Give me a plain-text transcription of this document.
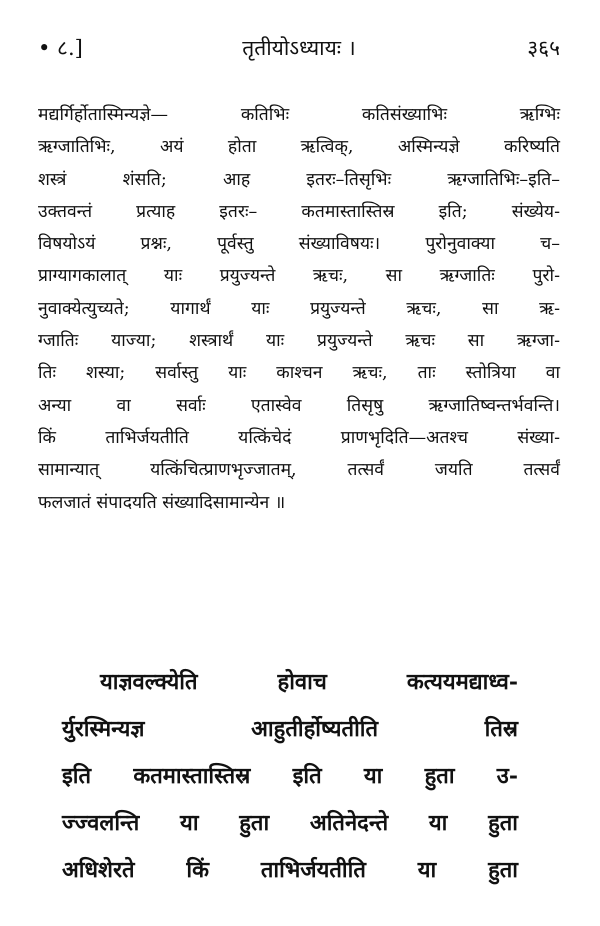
तृतीयोऽध्यायः ।
• ८.]	३६५
मद्यर्गिर्होतास्मिन्यज्ञे— कतिभिः कतिसंख्याभिः ऋग्भिः
ऋग्जातिभिः, अयं होता ऋत्विक्, अस्मिन्यज्ञे करिष्यति
शस्त्रं शंसति; आह इतरः–तिसृभिः ऋग्जातिभिः–इति–
उक्तवन्तं प्रत्याह इतरः– कतमास्तास्तिस्र इति; संख्येय-
विषयोऽयं प्रश्नः, पूर्वस्तु संख्याविषयः। पुरोनुवाक्या च–
प्राग्यागकालात् याः प्रयुज्यन्ते ऋचः, सा ऋग्जातिः पुरो-
नुवाक्येत्युच्यते; यागार्थं याः प्रयुज्यन्ते ऋचः, सा ऋ-
ग्जातिः याज्या; शस्त्रार्थं याः प्रयुज्यन्ते ऋचः सा ऋग्जा-
तिः शस्या; सर्वास्तु याः काश्चन ऋचः, ताः स्तोत्रिया वा
अन्या वा सर्वाः एतास्वेव तिसृषु ऋग्जातिष्वन्तर्भवन्ति।
किं ताभिर्जयतीति यत्किंचेदं प्राणभृदिति—अतश्च संख्या-
सामान्यात् यत्किंचित्प्राणभृज्जातम्, तत्सर्वं जयति तत्सर्वं
फलजातं संपादयति संख्यादिसामान्येन ॥
याज्ञवल्क्येति होवाच कत्ययमद्याध्व-
र्युरस्मिन्यज्ञ आहुतीर्होष्यतीति तिस्र
इति कतमास्तास्तिस्र इति या हुता उ-
ज्ज्वलन्ति या हुता अतिनेदन्ते या हुता
अधिशेरते किं ताभिर्जयतीति या हुता
